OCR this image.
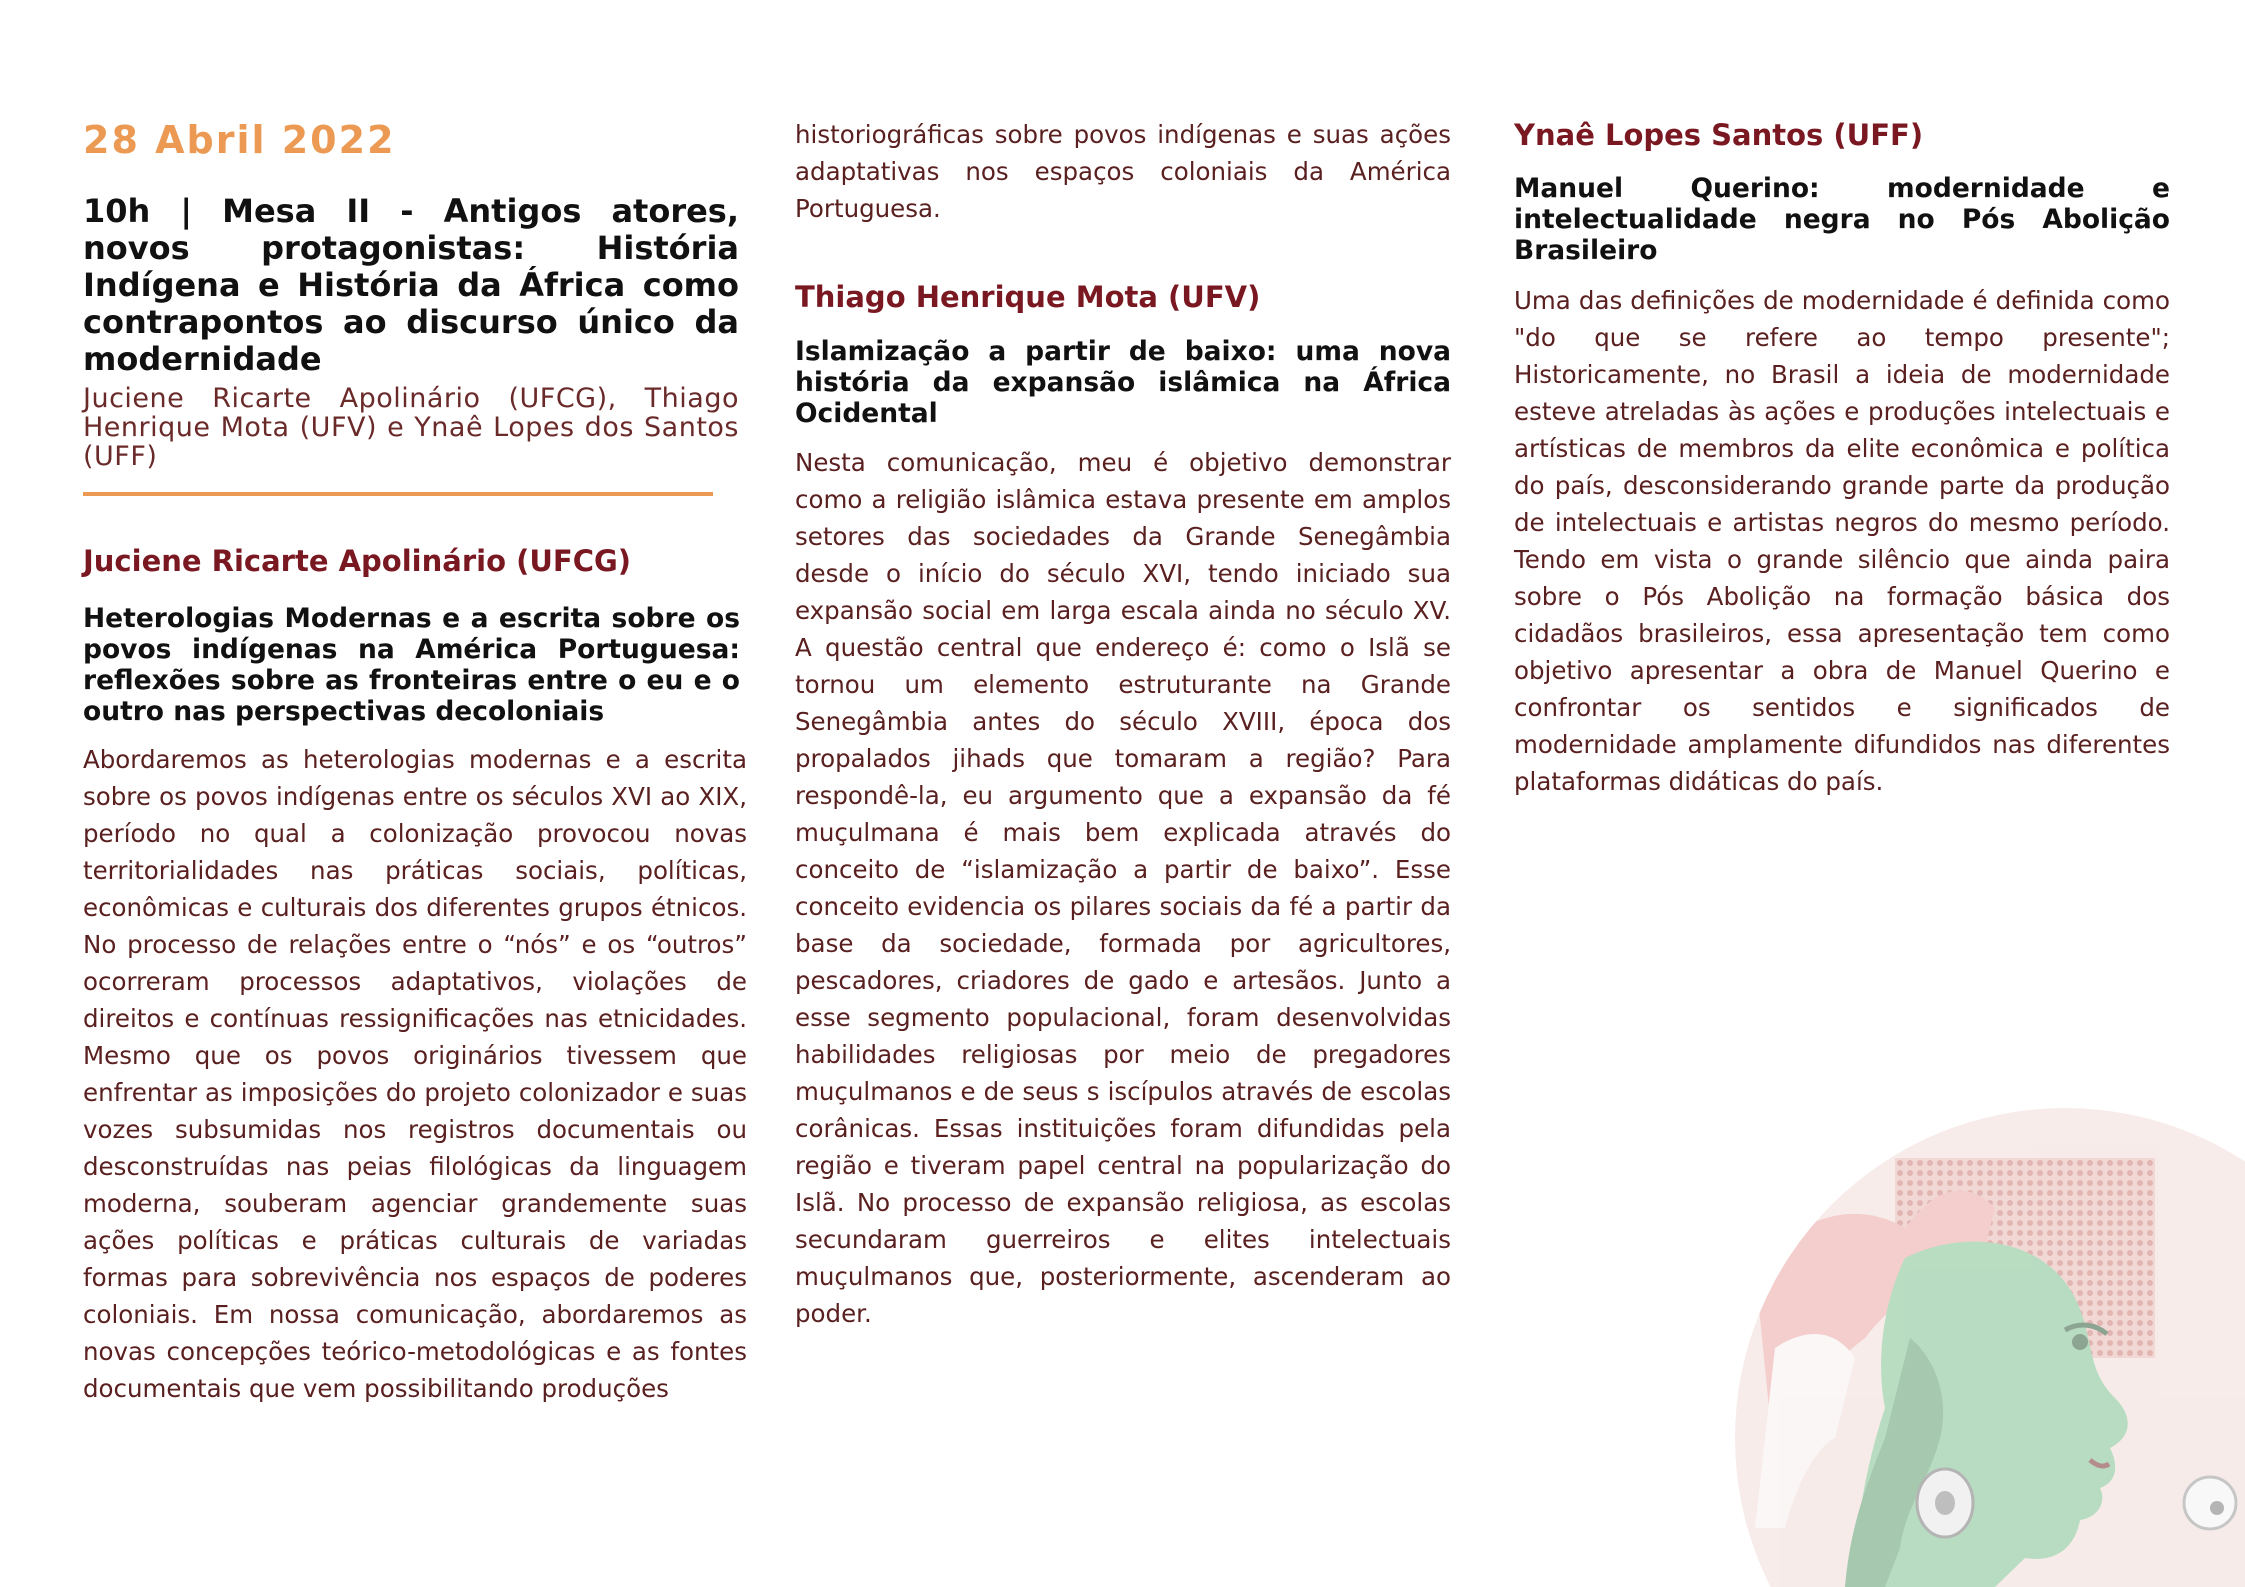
28 Abril 2022
10h | Mesa II - Antigos atores, novos protagonistas: História Indígena e História da África como contrapontos ao discurso único da modernidade

Juciene Ricarte Apolinário (UFCG), Thiago Henrique Mota (UFV) e Ynaê Lopes dos Santos (UFF)

Juciene Ricarte Apolinário (UFCG)
Heterologias Modernas e a escrita sobre os povos indígenas na América Portuguesa: reflexões sobre as fronteiras entre o eu e o outro nas perspectivas decoloniais

Abordaremos as heterologias modernas e a escrita sobre os povos indígenas entre os séculos XVI ao XIX, período no qual a colonização provocou novas territorialidades nas práticas sociais, políticas, econômicas e culturais dos diferentes grupos étnicos. No processo de relações entre o “nós” e os “outros” ocorreram processos adaptativos, violações de direitos e contínuas ressignificações nas etnicidades. Mesmo que os povos originários tivessem que enfrentar as imposições do projeto colonizador e suas vozes subsumidas nos registros documentais ou desconstruídas nas peias filológicas da linguagem moderna, souberam agenciar grandemente suas ações políticas e práticas culturais de variadas formas para sobrevivência nos espaços de poderes coloniais. Em nossa comunicação, abordaremos as novas concepções teórico-metodológicas e as fontes documentais que vem possibilitando produções

historiográficas sobre povos indígenas e suas ações adaptativas nos espaços coloniais da América Portuguesa.

Thiago Henrique Mota (UFV)
Islamização a partir de baixo: uma nova história da expansão islâmica na África Ocidental

Nesta comunicação, meu é objetivo demonstrar como a religião islâmica estava presente em amplos setores das sociedades da Grande Senegâmbia desde o início do século XVI, tendo iniciado sua expansão social em larga escala ainda no século XV. A questão central que endereço é: como o Islã se tornou um elemento estruturante na Grande Senegâmbia antes do século XVIII, época dos propalados jihads que tomaram a região? Para respondê-la, eu argumento que a expansão da fé muçulmana é mais bem explicada através do conceito de “islamização a partir de baixo”. Esse conceito evidencia os pilares sociais da fé a partir da base da sociedade, formada por agricultores, pescadores, criadores de gado e artesãos. Junto a esse segmento populacional, foram desenvolvidas habilidades religiosas por meio de pregadores muçulmanos e de seus s iscípulos através de escolas corânicas. Essas instituições foram difundidas pela região e tiveram papel central na popularização do Islã. No processo de expansão religiosa, as escolas secundaram guerreiros e elites intelectuais muçulmanos que, posteriormente, ascenderam ao poder.

Ynaê Lopes Santos (UFF)
Manuel Querino: modernidade e intelectualidade negra no Pós Abolição Brasileiro

Uma das definições de modernidade é definida como "do que se refere ao tempo presente"; Historicamente, no Brasil a ideia de modernidade esteve atreladas às ações e produções intelectuais e artísticas de membros da elite econômica e política do país, desconsiderando grande parte da produção de intelectuais e artistas negros do mesmo período. Tendo em vista o grande silêncio que ainda paira sobre o Pós Abolição na formação básica dos cidadãos brasileiros, essa apresentação tem como objetivo apresentar a obra de Manuel Querino e confrontar os sentidos e significados de modernidade amplamente difundidos nas diferentes plataformas didáticas do país.
